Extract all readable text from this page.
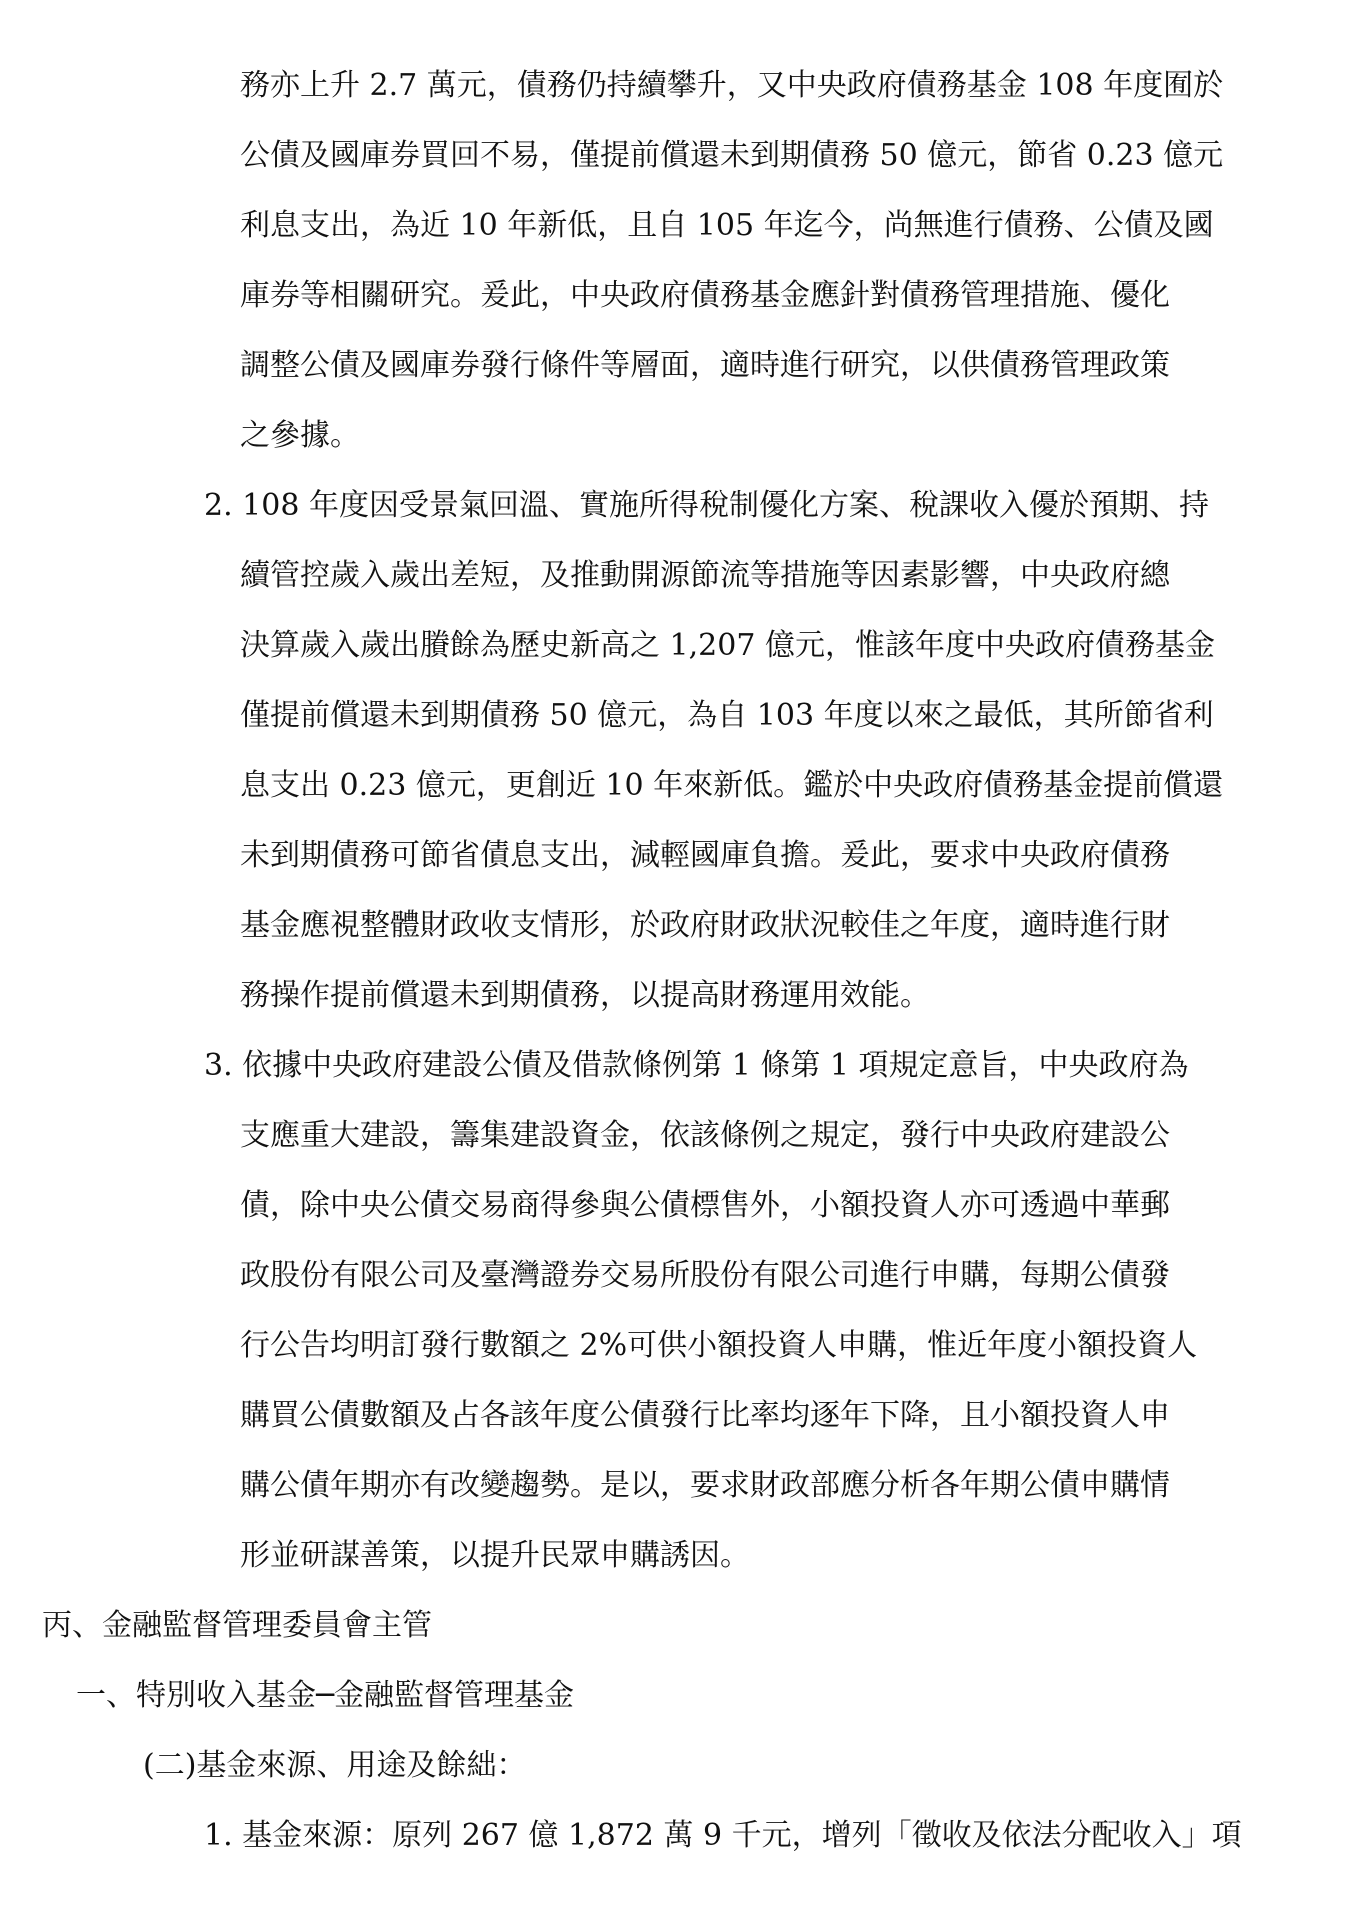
務亦上升 2.7 萬元，債務仍持續攀升，又中央政府債務基金 108 年度囿於
公債及國庫券買回不易，僅提前償還未到期債務 50 億元，節省 0.23 億元
利息支出，為近 10 年新低，且自 105 年迄今，尚無進行債務、公債及國
庫券等相關研究。爰此，中央政府債務基金應針對債務管理措施、優化
調整公債及國庫券發行條件等層面，適時進行研究，以供債務管理政策
之參據。
2. 108 年度因受景氣回溫、實施所得稅制優化方案、稅課收入優於預期、持
續管控歲入歲出差短，及推動開源節流等措施等因素影響，中央政府總
決算歲入歲出賸餘為歷史新高之 1,207 億元，惟該年度中央政府債務基金
僅提前償還未到期債務 50 億元，為自 103 年度以來之最低，其所節省利
息支出 0.23 億元，更創近 10 年來新低。鑑於中央政府債務基金提前償還
未到期債務可節省債息支出，減輕國庫負擔。爰此，要求中央政府債務
基金應視整體財政收支情形，於政府財政狀況較佳之年度，適時進行財
務操作提前償還未到期債務，以提高財務運用效能。
3. 依據中央政府建設公債及借款條例第 1 條第 1 項規定意旨，中央政府為
支應重大建設，籌集建設資金，依該條例之規定，發行中央政府建設公
債，除中央公債交易商得參與公債標售外，小額投資人亦可透過中華郵
政股份有限公司及臺灣證券交易所股份有限公司進行申購，每期公債發
行公告均明訂發行數額之 2%可供小額投資人申購，惟近年度小額投資人
購買公債數額及占各該年度公債發行比率均逐年下降，且小額投資人申
購公債年期亦有改變趨勢。是以，要求財政部應分析各年期公債申購情
形並研謀善策，以提升民眾申購誘因。
丙、金融監督管理委員會主管
一、特別收入基金─金融監督管理基金
(二)基金來源、用途及餘絀：
1. 基金來源：原列 267 億 1,872 萬 9 千元，增列「徵收及依法分配收入」項
